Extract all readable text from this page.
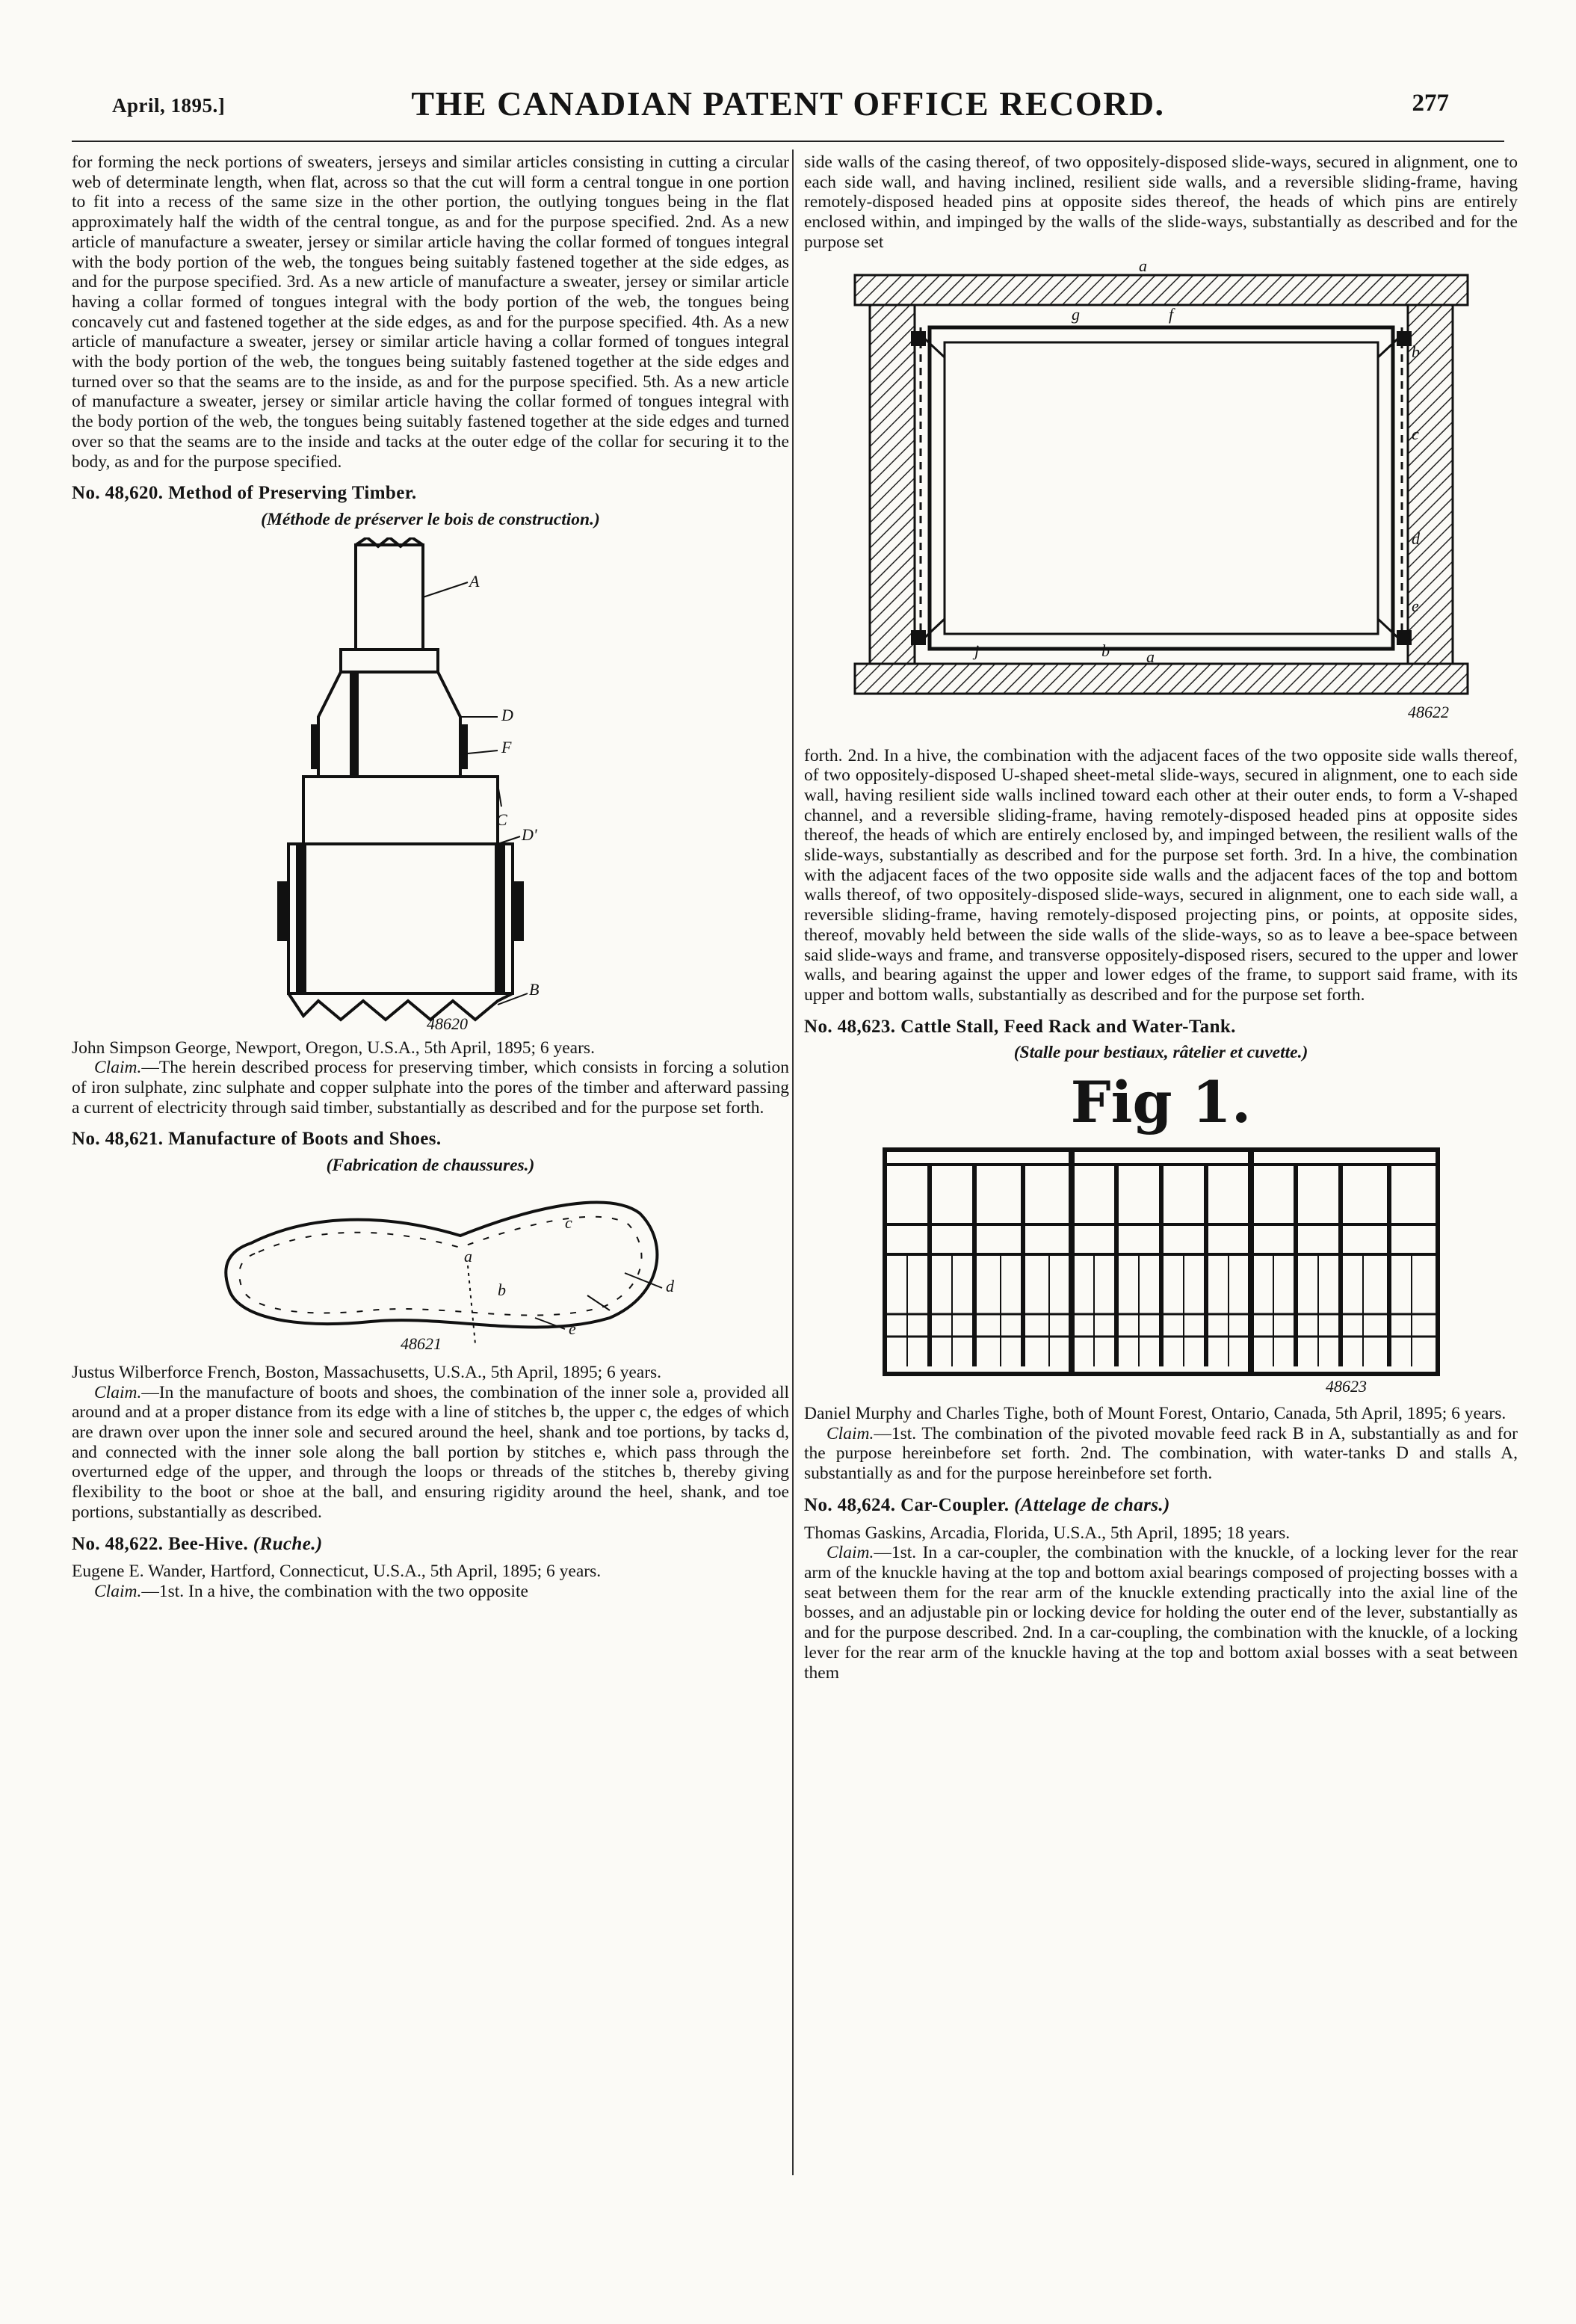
April, 1895.]	THE CANADIAN PATENT OFFICE RECORD.	277

for forming the neck portions of sweaters, jerseys and similar articles consisting in cutting a circular web of determinate length, when flat, across so that the cut will form a central tongue in one portion to fit into a recess of the same size in the other portion, the outlying tongues being in the flat approximately half the width of the central tongue, as and for the purpose specified. 2nd. As a new article of manufacture a sweater, jersey or similar article having the collar formed of tongues integral with the body portion of the web, the tongues being suitably fastened together at the side edges, as and for the purpose specified. 3rd. As a new article of manufacture a sweater, jersey or similar article having a collar formed of tongues integral with the body portion of the web, the tongues being concavely cut and fastened together at the side edges, as and for the purpose specified. 4th. As a new article of manufacture a sweater, jersey or similar article having a collar formed of tongues integral with the body portion of the web, the tongues being suitably fastened together at the side edges and turned over so that the seams are to the inside, as and for the purpose specified. 5th. As a new article of manufacture a sweater, jersey or similar article having the collar formed of tongues integral with the body portion of the web, the tongues being suitably fastened together at the side edges and turned over so that the seams are to the inside and tacks at the outer edge of the collar for securing it to the body, as and for the purpose specified.

No. 48,620. Method of Preserving Timber.

(Méthode de préserver le bois de construction.)

A
D
F
C
D'
B
48620

John Simpson George, Newport, Oregon, U.S.A., 5th April, 1895; 6 years.

Claim.—The herein described process for preserving timber, which consists in forcing a solution of iron sulphate, zinc sulphate and copper sulphate into the pores of the timber and afterward passing a current of electricity through said timber, substantially as described and for the purpose set forth.

No. 48,621. Manufacture of Boots and Shoes.

(Fabrication de chaussures.)

a
b
c
d
e
48621

Justus Wilberforce French, Boston, Massachusetts, U.S.A., 5th April, 1895; 6 years.

Claim.—In the manufacture of boots and shoes, the combination of the inner sole a, provided all around and at a proper distance from its edge with a line of stitches b, the upper c, the edges of which are drawn over upon the inner sole and secured around the heel, shank and toe portions, by tacks d, and connected with the inner sole along the ball portion by stitches e, which pass through the overturned edge of the upper, and through the loops or threads of the stitches b, thereby giving flexibility to the boot or shoe at the ball, and ensuring rigidity around the heel, shank, and toe portions, substantially as described.

No. 48,622. Bee-Hive. (Ruche.)

Eugene E. Wander, Hartford, Connecticut, U.S.A., 5th April, 1895; 6 years.

Claim.—1st. In a hive, the combination with the two opposite

side walls of the casing thereof, of two oppositely-disposed slide-ways, secured in alignment, one to each side wall, and having inclined, resilient side walls, and a reversible sliding-frame, having remotely-disposed headed pins at opposite sides thereof, the heads of which pins are entirely enclosed within, and impinged by the walls of the slide-ways, substantially as described and for the purpose set

a
g	f
b
c
d
e
j	b a
48622

forth. 2nd. In a hive, the combination with the adjacent faces of the two opposite side walls thereof, of two oppositely-disposed U-shaped sheet-metal slide-ways, secured in alignment, one to each side wall, having resilient side walls inclined toward each other at their outer ends, to form a V-shaped channel, and a reversible sliding-frame, having remotely-disposed headed pins at opposite sides thereof, the heads of which are entirely enclosed by, and impinged between, the resilient walls of the slide-ways, substantially as described and for the purpose set forth. 3rd. In a hive, the combination with the adjacent faces of the two opposite side walls and the adjacent faces of the top and bottom walls thereof, of two oppositely-disposed slide-ways, secured in alignment, one to each side wall, a reversible sliding-frame, having remotely-disposed projecting pins, or points, at opposite sides, thereof, movably held between the side walls of the slide-ways, so as to leave a bee-space between said slide-ways and frame, and transverse oppositely-disposed risers, secured to the upper and lower walls, and bearing against the upper and lower edges of the frame, to support said frame, with its upper and bottom walls, substantially as described and for the purpose set forth.

No. 48,623. Cattle Stall, Feed Rack and Water-Tank.

(Stalle pour bestiaux, râtelier et cuvette.)

Fig 1.

48623

Daniel Murphy and Charles Tighe, both of Mount Forest, Ontario, Canada, 5th April, 1895; 6 years.

Claim.—1st. The combination of the pivoted movable feed rack B in A, substantially as and for the purpose hereinbefore set forth. 2nd. The combination, with water-tanks D and stalls A, substantially as and for the purpose hereinbefore set forth.

No. 48,624. Car-Coupler. (Attelage de chars.)

Thomas Gaskins, Arcadia, Florida, U.S.A., 5th April, 1895; 18 years.

Claim.—1st. In a car-coupler, the combination with the knuckle, of a locking lever for the rear arm of the knuckle having at the top and bottom axial bearings composed of projecting bosses with a seat between them for the rear arm of the knuckle extending practically into the axial line of the bosses, and an adjustable pin or locking device for holding the outer end of the lever, substantially as and for the purpose described. 2nd. In a car-coupling, the combination with the knuckle, of a locking lever for the rear arm of the knuckle having at the top and bottom axial bosses with a seat between them
